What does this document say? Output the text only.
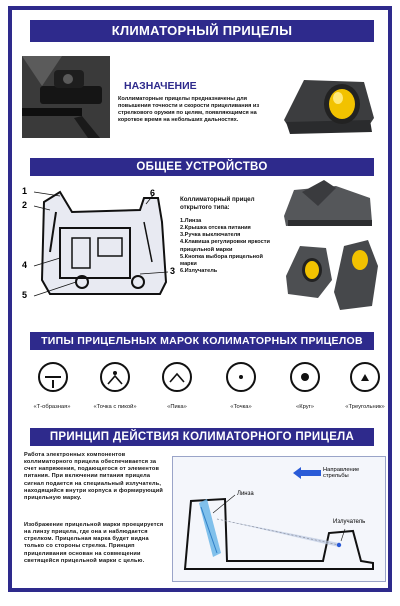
КЛИМАТОРНЫЙ ПРИЦЕЛЫ
НАЗНАЧЕНИЕ
Коллиматорные прицелы предназначены для повышения точности и скорости прицеливания из стрелкового оружия по целям, появляющимся на короткое время на небольших дальностях.
ОБЩЕЕ УСТРОЙСТВО
1
2
3
4
5
6
Коллиматорный прицел открытого типа:
1.Линза
2.Крышка отсека питания
3.Ручка выключателя
4.Клавиша регулировки яркости прицельной марки
5.Кнопка выбора прицельной марки
6.Излучатель
ТИПЫ ПРИЦЕЛЬНЫХ МАРОК КОЛИМАТОРНЫХ ПРИЦЕЛОВ
«Т-образная»	«Точка с пикой»	«Пика»	«Точка»	«Круг»	«Треугольник»
ПРИНЦИП ДЕЙСТВИЯ КОЛИМАТОРНОГО ПРИЦЕЛА
Работа электронных компонентов коллиматорного прицела обеспечивается за счет напряжения, подающегося от элементов питания. При включении питания прицела сигнал подается на специальный излучатель, находящийся внутри корпуса и формирующий прицельную марку.
Изображение прицельной марки проецируется на линзу прицела, где она и наблюдается стрелком. Прицельная марка будет видна только со стороны стрелка. Принцип прицеливания основан на совмещении светящейся прицельной марки с целью.
Направление стрельбы
Линза
Излучатель
